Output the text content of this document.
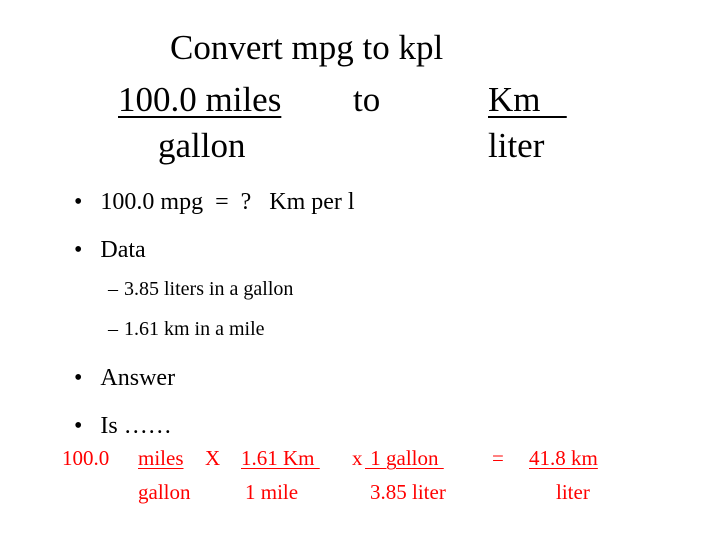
Convert mpg to kpl
100.0 miles to	Km
gallon	liter

• 100.0 mpg  =  ?   Km per l

• Data

– 3.85 liters in a gallon

– 1.61 km in a mile

• Answer

• Is ……

100.0 miles X 1.61 Km x 1 gallon = 41.8 km
gallon	1 mile	3.85 liter	liter
